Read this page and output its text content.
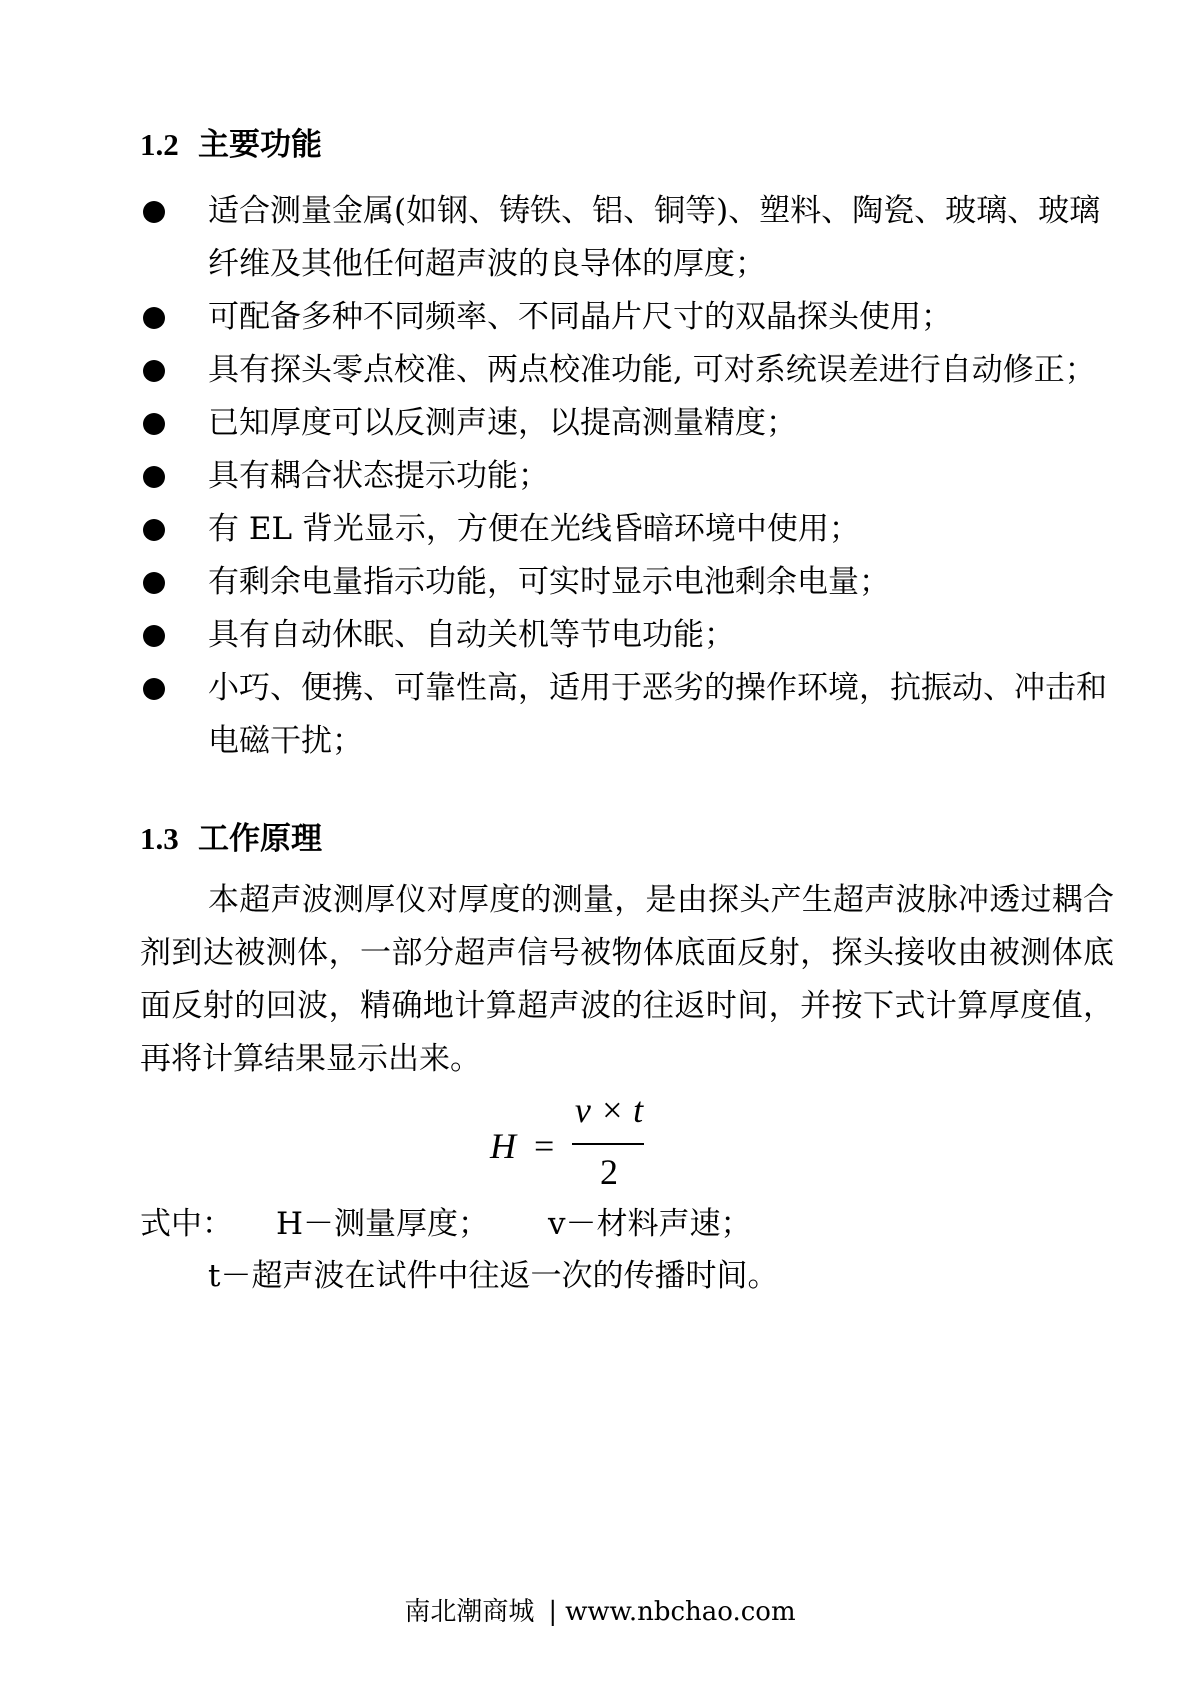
1.2 主要功能
适合测量金属(如钢、铸铁、铝、铜等)、塑料、陶瓷、玻璃、玻璃纤维及其他任何超声波的良导体的厚度；
可配备多种不同频率、不同晶片尺寸的双晶探头使用；
具有探头零点校准、两点校准功能, 可对系统误差进行自动修正；
已知厚度可以反测声速，以提高测量精度；
具有耦合状态提示功能；
有 EL 背光显示，方便在光线昏暗环境中使用；
有剩余电量指示功能，可实时显示电池剩余电量；
具有自动休眠、自动关机等节电功能；
小巧、便携、可靠性高，适用于恶劣的操作环境，抗振动、冲击和电磁干扰；
1.3 工作原理

本超声波测厚仪对厚度的测量，是由探头产生超声波脉冲透过耦合剂到达被测体，一部分超声信号被物体底面反射，探头接收由被测体底面反射的回波，精确地计算超声波的往返时间，并按下式计算厚度值，再将计算结果显示出来。

H =
v × t
2
式中： H－测量厚度； v－材料声速；
t－超声波在试件中往返一次的传播时间。
南北潮商城 | www.nbchao.com
